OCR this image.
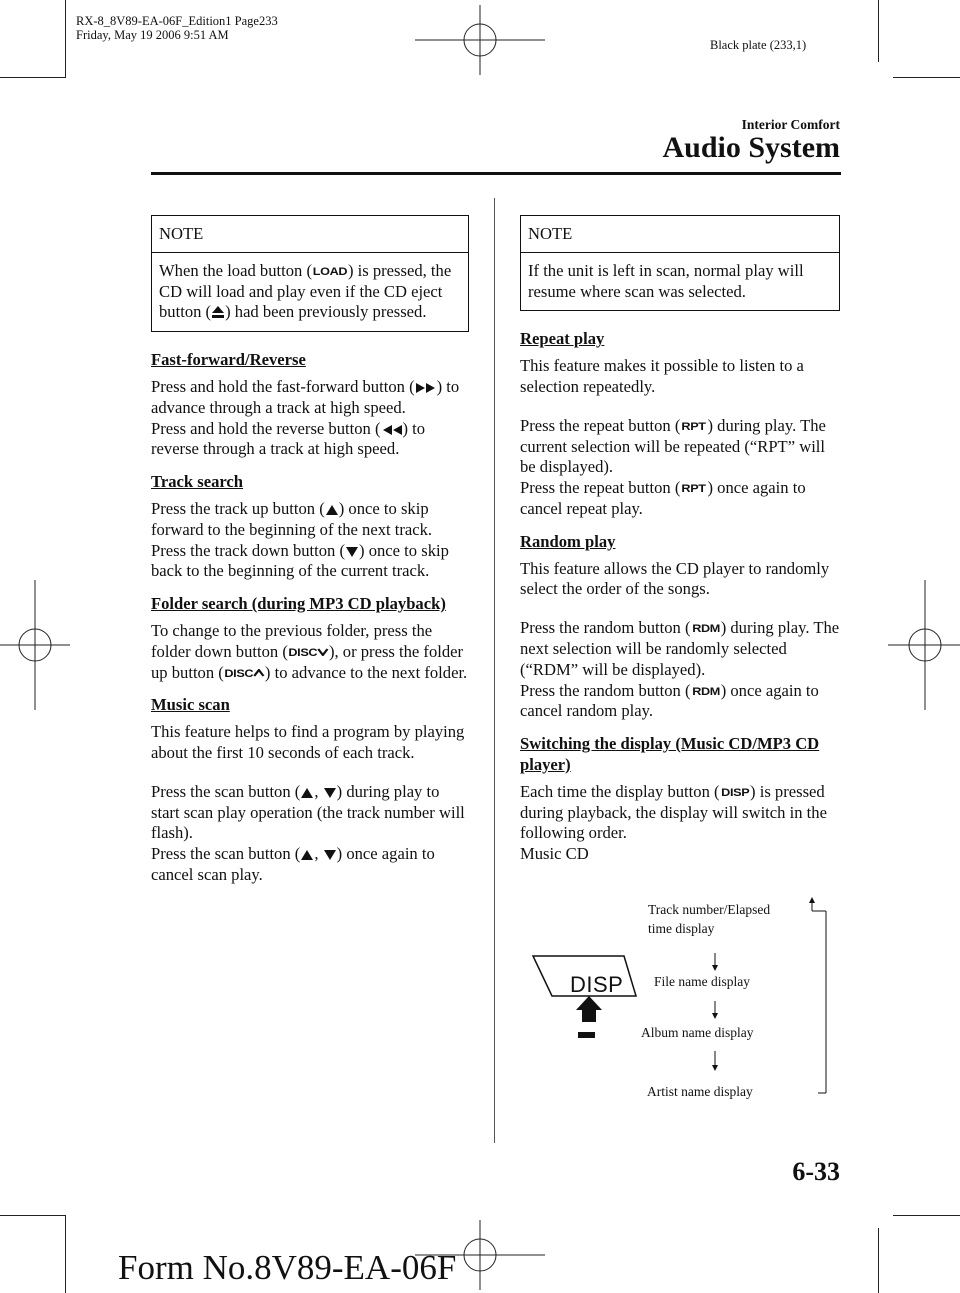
RX-8_8V89-EA-06F_Edition1 Page233
Friday, May 19 2006 9:51 AM
Black plate (233,1)
Interior Comfort
Audio System
NOTE
When the load button (LOAD) is pressed, the CD will load and play even if the CD eject button ( ) had been previously pressed.

Fast-forward/Reverse

Press and hold the fast-forward button ( ) to advance through a track at high speed.
Press and hold the reverse button ( ) to reverse through a track at high speed.

Track search

Press the track up button ( ) once to skip forward to the beginning of the next track.
Press the track down button ( ) once to skip back to the beginning of the current track.

Folder search (during MP3 CD playback)

To change to the previous folder, press the folder down button (DISC ), or press the folder up button (DISC ) to advance to the next folder.

Music scan

This feature helps to find a program by playing about the first 10 seconds of each track.

Press the scan button ( , ) during play to start scan play operation (the track number will flash).
Press the scan button ( , ) once again to cancel scan play.

NOTE
If the unit is left in scan, normal play will resume where scan was selected.

Repeat play

This feature makes it possible to listen to a selection repeatedly.

Press the repeat button (RPT) during play. The current selection will be repeated (“RPT” will be displayed).
Press the repeat button (RPT) once again to cancel repeat play.

Random play

This feature allows the CD player to randomly select the order of the songs.

Press the random button (RDM) during play. The next selection will be randomly selected (“RDM” will be displayed).
Press the random button (RDM) once again to cancel random play.

Switching the display (Music CD/MP3 CD player)

Each time the display button (DISP) is pressed during playback, the display will switch in the following order.

Music CD

DISP
Track number/Elapsed
time display
File name display
Album name display
Artist name display
6-33
Form No.8V89-EA-06F
